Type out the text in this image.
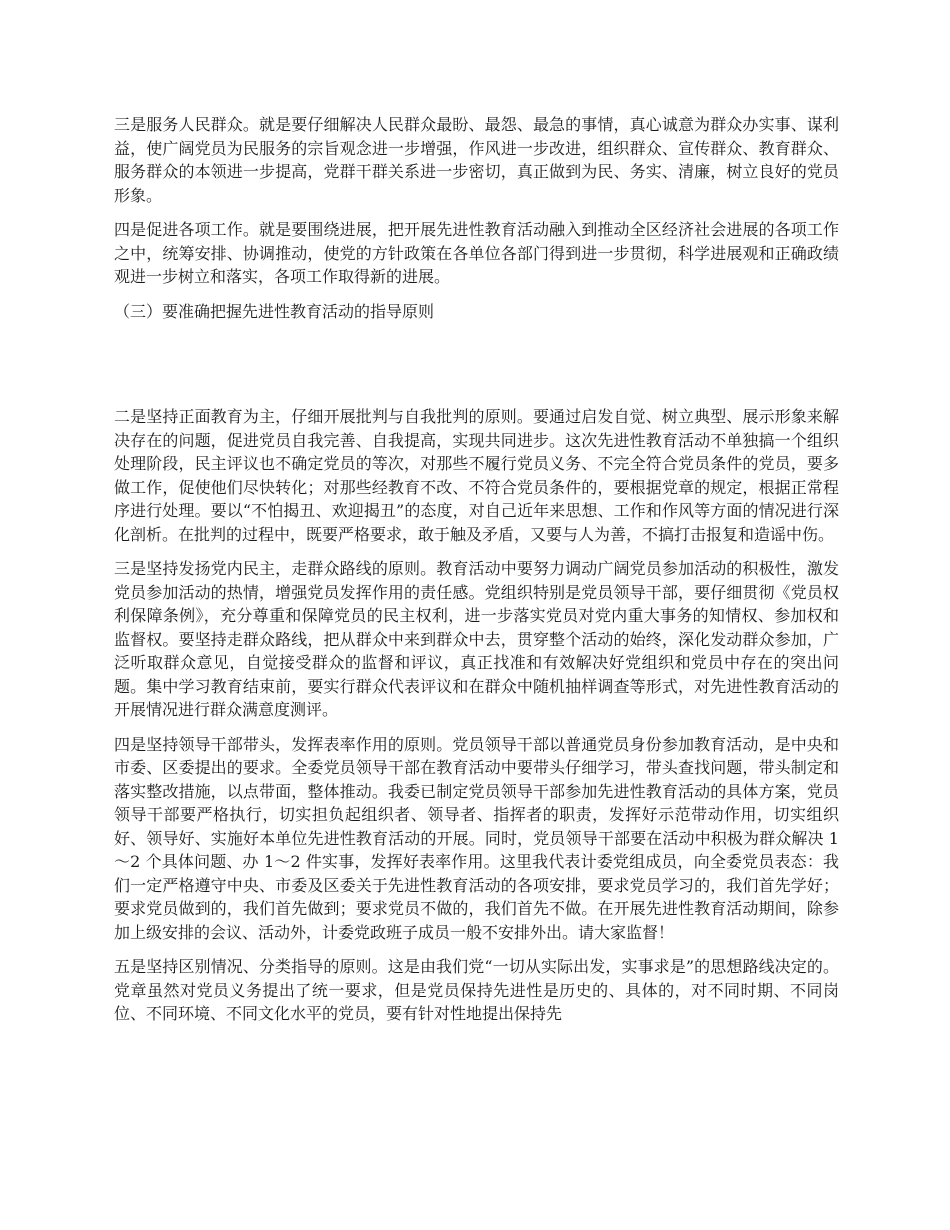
三是服务人民群众。就是要仔细解决人民群众最盼、最怨、最急的事情，真心诚意为群众办实事、谋利益，使广阔党员为民服务的宗旨观念进一步增强，作风进一步改进，组织群众、宣传群众、教育群众、服务群众的本领进一步提高，党群干群关系进一步密切，真正做到为民、务实、清廉，树立良好的党员形象。

四是促进各项工作。就是要围绕进展，把开展先进性教育活动融入到推动全区经济社会进展的各项工作之中，统筹安排、协调推动，使党的方针政策在各单位各部门得到进一步贯彻，科学进展观和正确政绩观进一步树立和落实，各项工作取得新的进展。

（三）要准确把握先进性教育活动的指导原则

二是坚持正面教育为主，仔细开展批判与自我批判的原则。要通过启发自觉、树立典型、展示形象来解决存在的问题，促进党员自我完善、自我提高，实现共同进步。这次先进性教育活动不单独搞一个组织处理阶段，民主评议也不确定党员的等次，对那些不履行党员义务、不完全符合党员条件的党员，要多做工作，促使他们尽快转化；对那些经教育不改、不符合党员条件的，要根据党章的规定，根据正常程序进行处理。要以“不怕揭丑、欢迎揭丑”的态度，对自己近年来思想、工作和作风等方面的情况进行深化剖析。在批判的过程中，既要严格要求，敢于触及矛盾，又要与人为善，不搞打击报复和造谣中伤。

三是坚持发扬党内民主，走群众路线的原则。教育活动中要努力调动广阔党员参加活动的积极性，激发党员参加活动的热情，增强党员发挥作用的责任感。党组织特别是党员领导干部，要仔细贯彻《党员权利保障条例》，充分尊重和保障党员的民主权利，进一步落实党员对党内重大事务的知情权、参加权和监督权。要坚持走群众路线，把从群众中来到群众中去，贯穿整个活动的始终，深化发动群众参加，广泛听取群众意见，自觉接受群众的监督和评议，真正找准和有效解决好党组织和党员中存在的突出问题。集中学习教育结束前，要实行群众代表评议和在群众中随机抽样调查等形式，对先进性教育活动的开展情况进行群众满意度测评。

四是坚持领导干部带头，发挥表率作用的原则。党员领导干部以普通党员身份参加教育活动，是中央和市委、区委提出的要求。全委党员领导干部在教育活动中要带头仔细学习，带头查找问题，带头制定和落实整改措施，以点带面，整体推动。我委已制定党员领导干部参加先进性教育活动的具体方案，党员领导干部要严格执行，切实担负起组织者、领导者、指挥者的职责，发挥好示范带动作用，切实组织好、领导好、实施好本单位先进性教育活动的开展。同时，党员领导干部要在活动中积极为群众解决 1～2 个具体问题、办 1～2 件实事，发挥好表率作用。这里我代表计委党组成员，向全委党员表态：我们一定严格遵守中央、市委及区委关于先进性教育活动的各项安排，要求党员学习的，我们首先学好；要求党员做到的，我们首先做到；要求党员不做的，我们首先不做。在开展先进性教育活动期间，除参加上级安排的会议、活动外，计委党政班子成员一般不安排外出。请大家监督！

五是坚持区别情况、分类指导的原则。这是由我们党“一切从实际出发，实事求是”的思想路线决定的。党章虽然对党员义务提出了统一要求，但是党员保持先进性是历史的、具体的，对不同时期、不同岗位、不同环境、不同文化水平的党员，要有针对性地提出保持先
